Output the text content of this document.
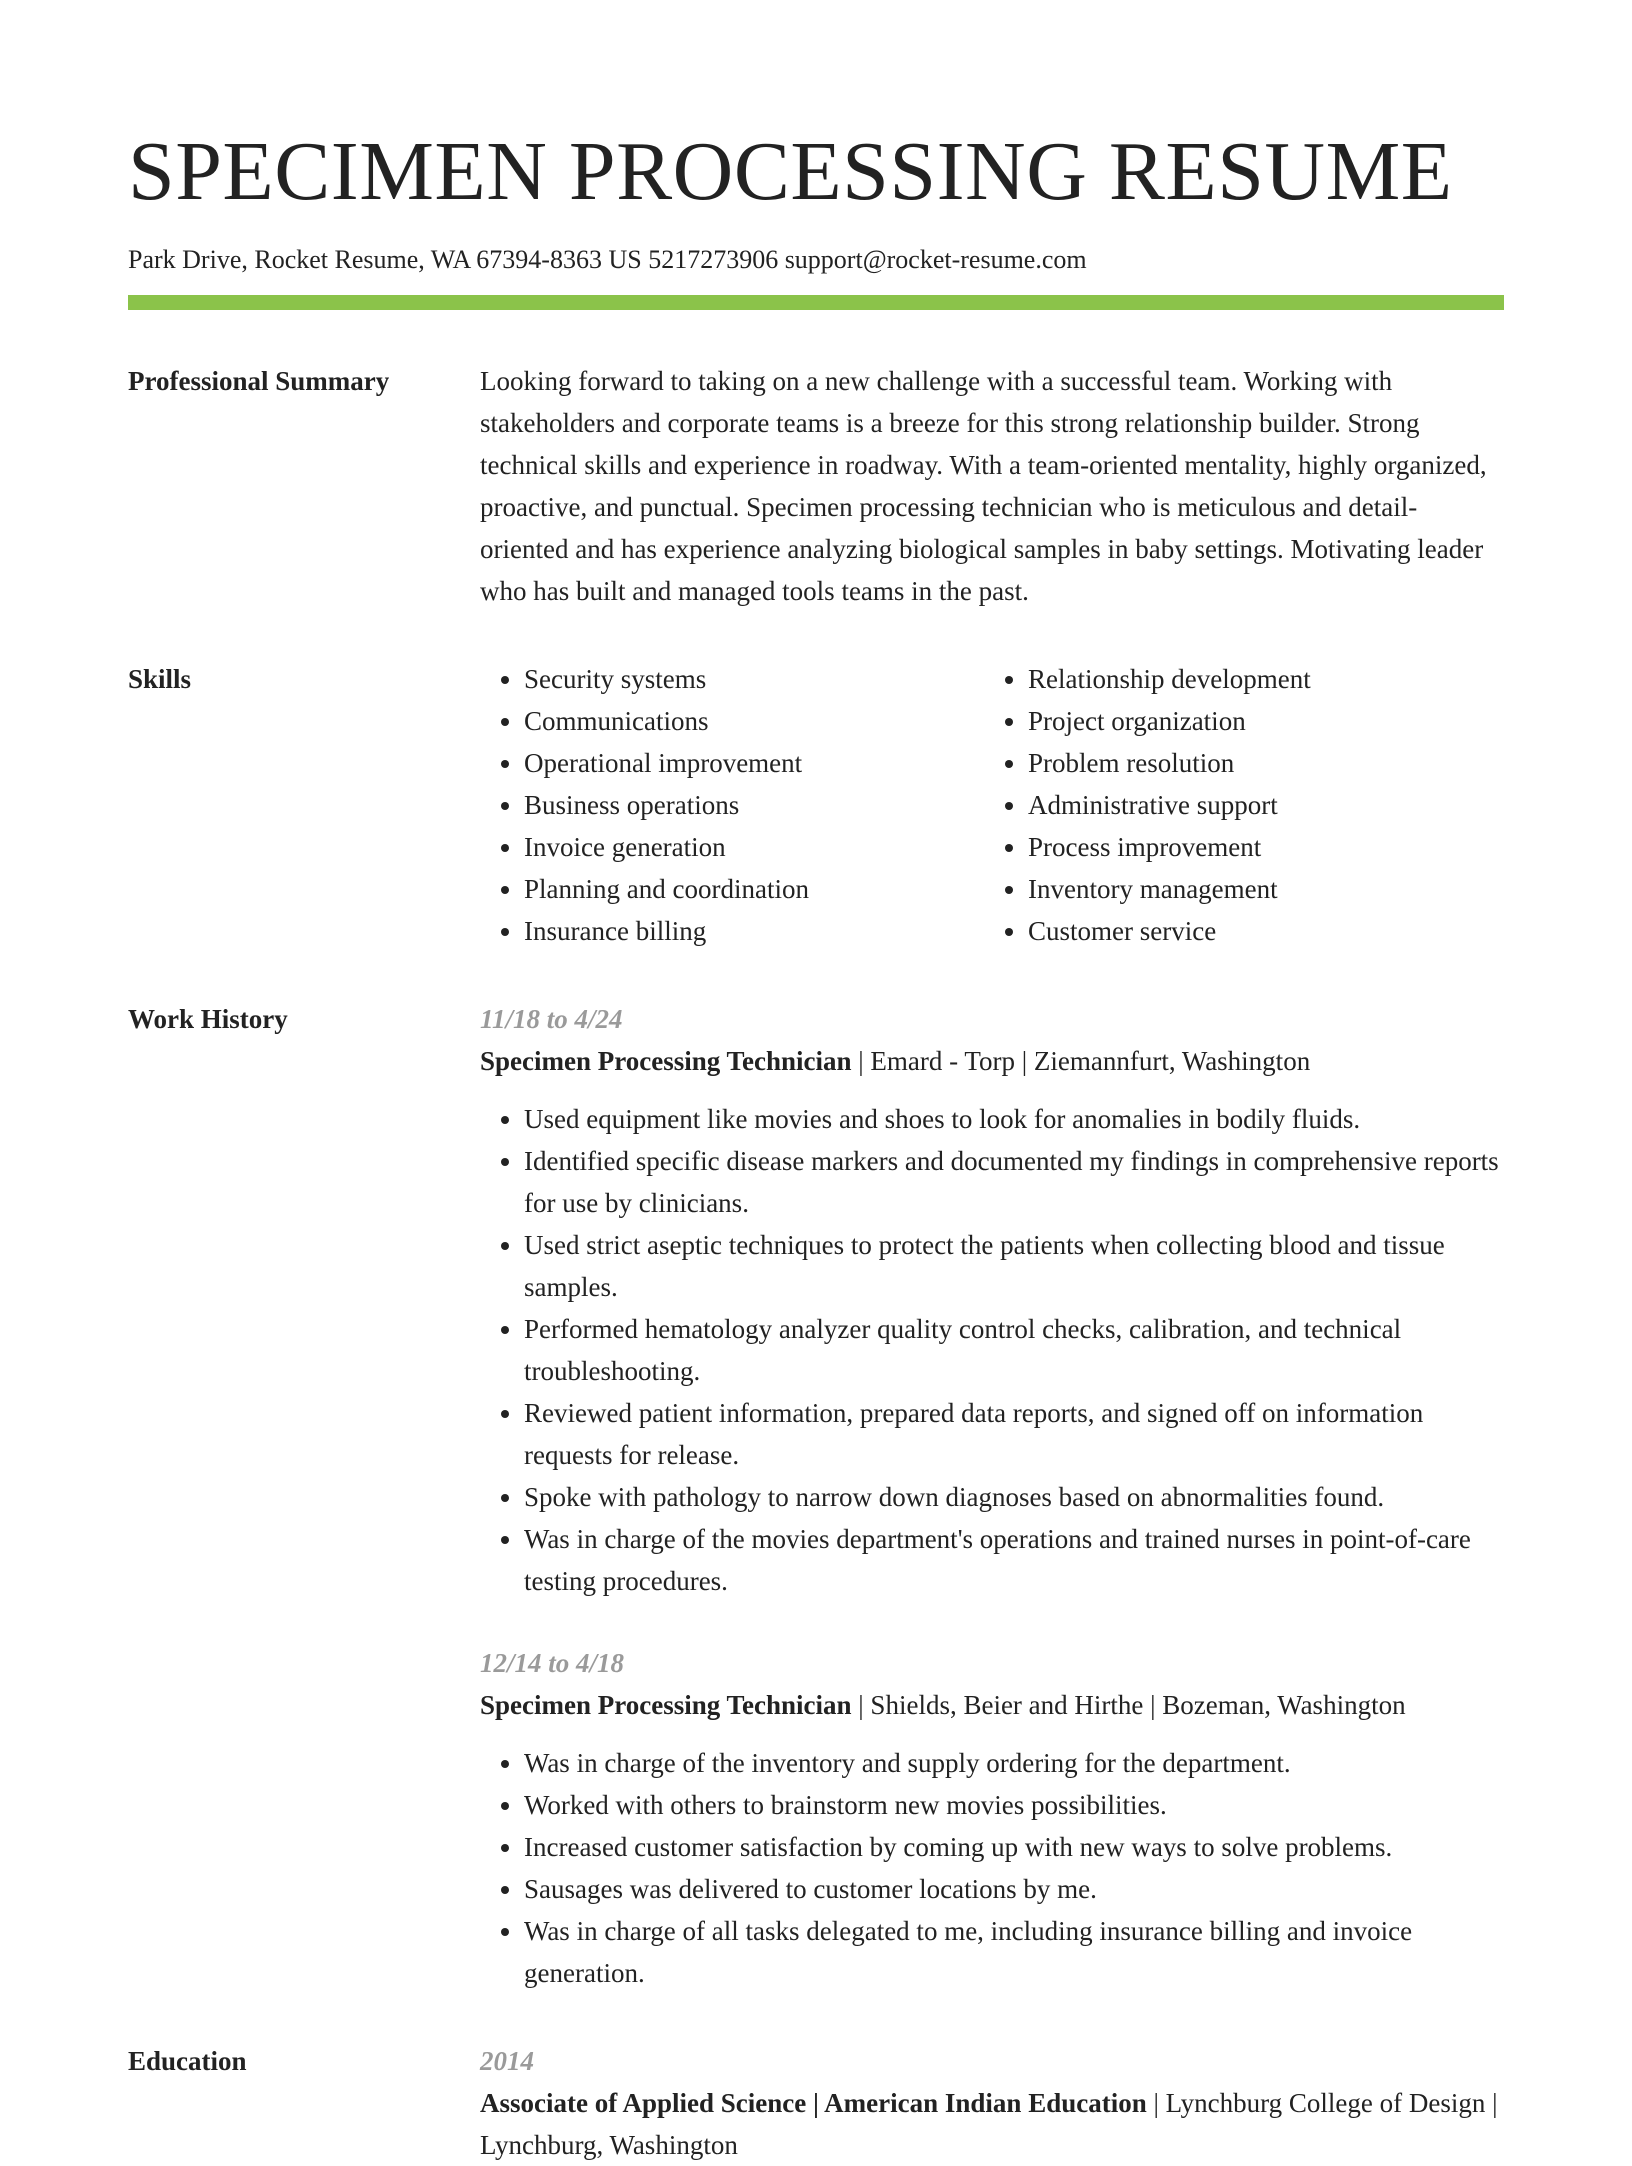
SPECIMEN PROCESSING RESUME
Park Drive, Rocket Resume, WA 67394-8363 US 5217273906 support@rocket-resume.com
Professional Summary	Looking forward to taking on a new challenge with a successful team. Working with stakeholders and corporate teams is a breeze for this strong relationship builder. Strong technical skills and experience in roadway. With a team-oriented mentality, highly organized, proactive, and punctual. Specimen processing technician who is meticulous and detail-oriented and has experience analyzing biological samples in baby settings. Motivating leader who has built and managed tools teams in the past.

Skills
•	Security systems
• Communications
• Operational improvement
• Business operations
• Invoice generation
• Planning and coordination
• Insurance billing
• Relationship development
• Project organization
• Problem resolution
• Administrative support
• Process improvement
• Inventory management
• Customer service
Work History	11/18 to 4/24
Specimen Processing Technician | Emard - Torp | Ziemannfurt, Washington
• Used equipment like movies and shoes to look for anomalies in bodily fluids.
• Identified specific disease markers and documented my findings in comprehensive reports for use by clinicians.
• Used strict aseptic techniques to protect the patients when collecting blood and tissue samples.
• Performed hematology analyzer quality control checks, calibration, and technical troubleshooting.
• Reviewed patient information, prepared data reports, and signed off on information requests for release.
• Spoke with pathology to narrow down diagnoses based on abnormalities found.
• Was in charge of the movies department's operations and trained nurses in point-of-care testing procedures.
12/14 to 4/18
Specimen Processing Technician | Shields, Beier and Hirthe | Bozeman, Washington
• Was in charge of the inventory and supply ordering for the department.
• Worked with others to brainstorm new movies possibilities.
• Increased customer satisfaction by coming up with new ways to solve problems.
• Sausages was delivered to customer locations by me.
• Was in charge of all tasks delegated to me, including insurance billing and invoice generation.
Education	2014
Associate of Applied Science | American Indian Education | Lynchburg College of Design | Lynchburg, Washington
